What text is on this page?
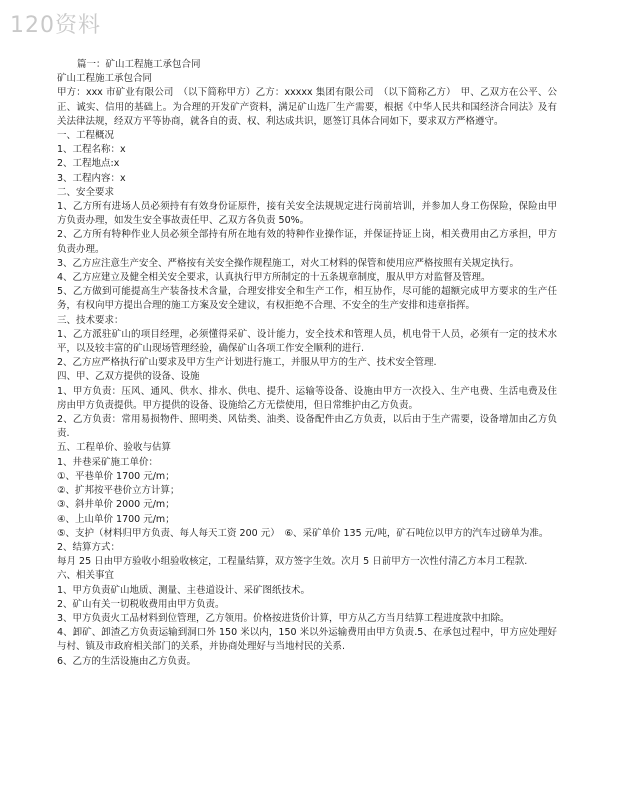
120资料

篇一：矿山工程施工承包合同

矿山工程施工承包合同

甲方：xxx 市矿业有限公司　（以下简称甲方）乙方：xxxxx 集团有限公司　（以下简称乙方）　甲、乙双方在公平、公正、诚实、信用的基础上。为合理的开发矿产资料，满足矿山选厂生产需要，根据《中华人民共和国经济合同法》及有关法律法规，经双方平等协商，就各自的责、权、利达成共识，愿签订具体合同如下，要求双方严格遵守。

一、工程概况

1、工程名称：x

2、工程地点:x

3、工程内容：x

二、安全要求

1、乙方所有进场人员必须持有有效身份证原件，接有关安全法规规定进行岗前培训，并参加人身工伤保险，保险由甲方负责办理，如发生安全事故责任甲、乙双方各负责 50%。

2、乙方所有特种作业人员必须全部持有所在地有效的特种作业操作证，并保证持证上岗，相关费用由乙方承担，甲方负责办理。

3、乙方应注意生产安全、严格按有关安全操作规程施工，对火工材料的保管和使用应严格按照有关规定执行。

4、乙方应建立及健全相关安全要求，认真执行甲方所制定的十五条规章制度，服从甲方对监督及管理。

5、乙方做到可能提高生产装备技术含量，合理安排安全和生产工作，相互协作，尽可能的超额完成甲方要求的生产任务，有权向甲方提出合理的施工方案及安全建议，有权拒绝不合理、不安全的生产安排和违章指挥。

三、技术要求：

1、乙方派驻矿山的项目经理，必须懂得采矿、设计能力，安全技术和管理人员，机电骨干人员，必须有一定的技术水平，以及较丰富的矿山现场管理经验，确保矿山各项工作安全顺利的进行.

2、乙方应严格执行矿山要求及甲方生产计划进行施工，并服从甲方的生产、技术安全管理.

四、甲、乙双方提供的设备、设施

1、甲方负责：压风、通风、供水、排水、供电、提升、运输等设备、设施由甲方一次投入、生产电费、生活电费及住房由甲方负责提供。甲方提供的设备、设施给乙方无偿使用，但日常维护由乙方负责。

2、乙方负责：常用易损物件、照明类、风钻类、油类、设备配件由乙方负责，以后由于生产需要，设备增加由乙方负责.

五、工程单价、验收与估算

1、井巷采矿施工单价：

①、平巷单价 1700 元/m；

②、扩邦按平巷价立方计算；

③、斜井单价 2000 元/m；

④、上山单价 1700 元/m；

⑤、支护（材料归甲方负责、每人每天工资 200 元）　⑥、采矿单价 135 元/吨，矿石吨位以甲方的汽车过磅单为准。

2、结算方式：

每月 25 日由甲方验收小组验收核定，工程量结算，双方签字生效。次月 5 日前甲方一次性付清乙方本月工程款.

六、相关事宜

1、甲方负责矿山地质、测量、主巷道设计、采矿图纸技术。

2、矿山有关一切税收费用由甲方负责。

3、甲方负责火工品材料到位管理，乙方领用。价格按进货价计算，甲方从乙方当月结算工程进度款中扣除。

4、卸矿、卸渣乙方负责运输到洞口外 150 米以内，150 米以外运输费用由甲方负责.5、在承包过程中，甲方应处理好与村、镇及市政府相关部门的关系，并协商处理好与当地村民的关系.

6、乙方的生活设施由乙方负责。
